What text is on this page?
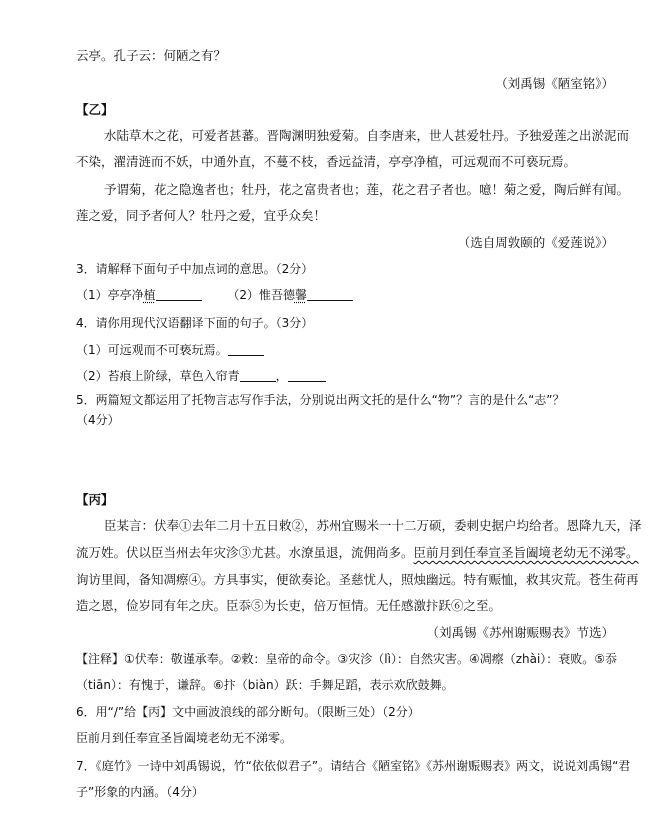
云亭。孔子云：何陋之有？
（刘禹锡《陋室铭》）
【乙】
水陆草木之花，可爱者甚蕃。晋陶渊明独爱菊。自李唐来，世人甚爱牡丹。予独爱莲之出淤泥而
不染，濯清涟而不妖，中通外直，不蔓不枝，香远益清，亭亭净植，可远观而不可亵玩焉。
予谓菊，花之隐逸者也；牡丹，花之富贵者也；莲，花之君子者也。噫！菊之爱，陶后鲜有闻。
莲之爱，同予者何人？牡丹之爱，宜乎众矣！
（选自周敦颐的《爱莲说》）
3．请解释下面句子中加点词的意思。（2分）
（1）亭亭净植	（2）惟吾德馨
4．请你用现代汉语翻译下面的句子。（3分）
（1）可远观而不可亵玩焉。
（2）苔痕上阶绿，草色入帘青	，
5．两篇短文都运用了托物言志写作手法，分别说出两文托的是什么“物”？言的是什么“志”？
（4分）
【丙】
臣某言：伏奉①去年二月十五日敕②，苏州宜赐米一十二万硕，委刺史据户均给者。恩降九天，泽
流万姓。伏以臣当州去年灾沴③尤甚。水潦虽退，流佣尚多。臣前月到任奉宣圣旨阖境老幼无不涕零。
询访里闾，备知凋瘵④。方具事实，便欲奏论。圣慈忧人，照烛幽远。特有赈恤，救其灾荒。苍生荷再
造之恩，俭岁同有年之庆。臣忝⑤为长吏，倍万恒情。无任感激抃跃⑥之至。
（刘禹锡《苏州谢赈赐表》节选）
【注释】①伏奉：敬谨承奉。②敕：皇帝的命令。③灾沴（lì）：自然灾害。④凋瘵（zhài）：衰败。⑤忝
（tiān）：有愧于，谦辞。⑥抃（biàn）跃：手舞足蹈，表示欢欣鼓舞。
6．用“/”给【丙】文中画波浪线的部分断句。（限断三处）（2分）
臣前月到任奉宣圣旨阖境老幼无不涕零。
7．《庭竹》一诗中刘禹锡说，竹“依依似君子”。请结合《陋室铭》《苏州谢赈赐表》两文，说说刘禹锡“君
子”形象的内涵。（4分）
